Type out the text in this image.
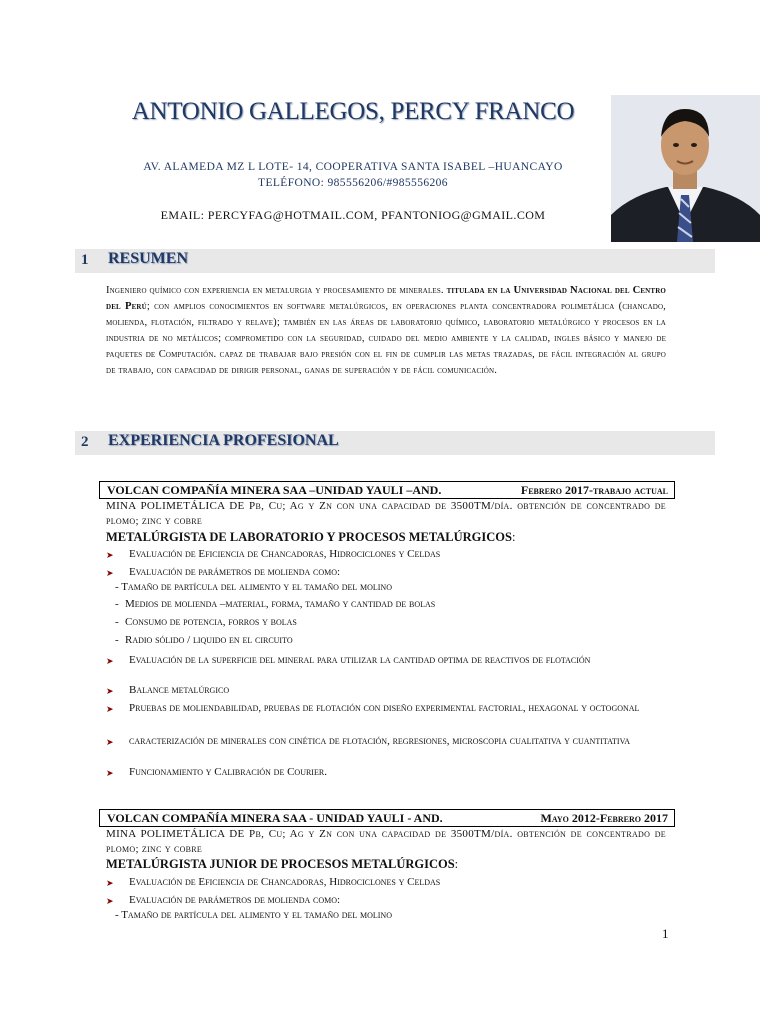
ANTONIO GALLEGOS, PERCY FRANCO
AV. ALAMEDA MZ L LOTE- 14, COOPERATIVA SANTA ISABEL –HUANCAYO
TELÉFONO: 985556206/#985556206
EMAIL: PERCYFAG@HOTMAIL.COM, PFANTONIOG@GMAIL.COM
1 RESUMEN
Ingeniero químico con experiencia en metalurgia y procesamiento de minerales. titulada en la Universidad Nacional del Centro del Perú; con amplios conocimientos en software metalúrgicos, en operaciones planta concentradora polimetálica (chancado, molienda, flotación, filtrado y relave); también en las áreas de laboratorio químico, laboratorio metalúrgico y procesos en la industria de no metálicos; comprometido con la seguridad, cuidado del medio ambiente y la calidad, ingles básico y manejo de paquetes de Computación. capaz de trabajar bajo presión con el fin de cumplir las metas trazadas, de fácil integración al grupo de trabajo, con capacidad de dirigir personal, ganas de superación y de fácil comunicación.
2 EXPERIENCIA PROFESIONAL
VOLCAN COMPAÑÍA MINERA SAA –UNIDAD YAULI –AND.	Febrero 2017-trabajo actual
MINA POLIMETÁLICA DE Pb, Cu; Ag y Zn con una capacidad de 3500TM/día. obtención de concentrado de plomo; zinc y cobre
METALÚRGISTA DE LABORATORIO Y PROCESOS METALÚRGICOS:
➤	Evaluación de Eficiencia de Chancadoras, Hidrociclones y Celdas
➤	Evaluación de parámetros de molienda como:
- Tamaño de partícula del alimento y el tamaño del molino
- Medios de molienda –material, forma, tamaño y cantidad de bolas
- Consumo de potencia, forros y bolas
- Radio sólido / liquido en el circuito
➤	Evaluación de la superficie del mineral para utilizar la cantidad optima de reactivos de flotación
➤	Balance metalúrgico
➤	Pruebas de moliendabilidad, pruebas de flotación con diseño experimental factorial, hexagonal y octogonal
➤	caracterización de minerales con cinética de flotación, regresiones, microscopia cualitativa y cuantitativa
➤	Funcionamiento y Calibración de Courier.
VOLCAN COMPAÑÍA MINERA SAA - UNIDAD YAULI - AND.	Mayo 2012-Febrero 2017
MINA POLIMETÁLICA DE Pb, Cu; Ag y Zn con una capacidad de 3500TM/día. obtención de concentrado de plomo; zinc y cobre
METALÚRGISTA JUNIOR DE PROCESOS METALÚRGICOS:
➤	Evaluación de Eficiencia de Chancadoras, Hidrociclones y Celdas
➤	Evaluación de parámetros de molienda como:
- Tamaño de partícula del alimento y el tamaño del molino
1
